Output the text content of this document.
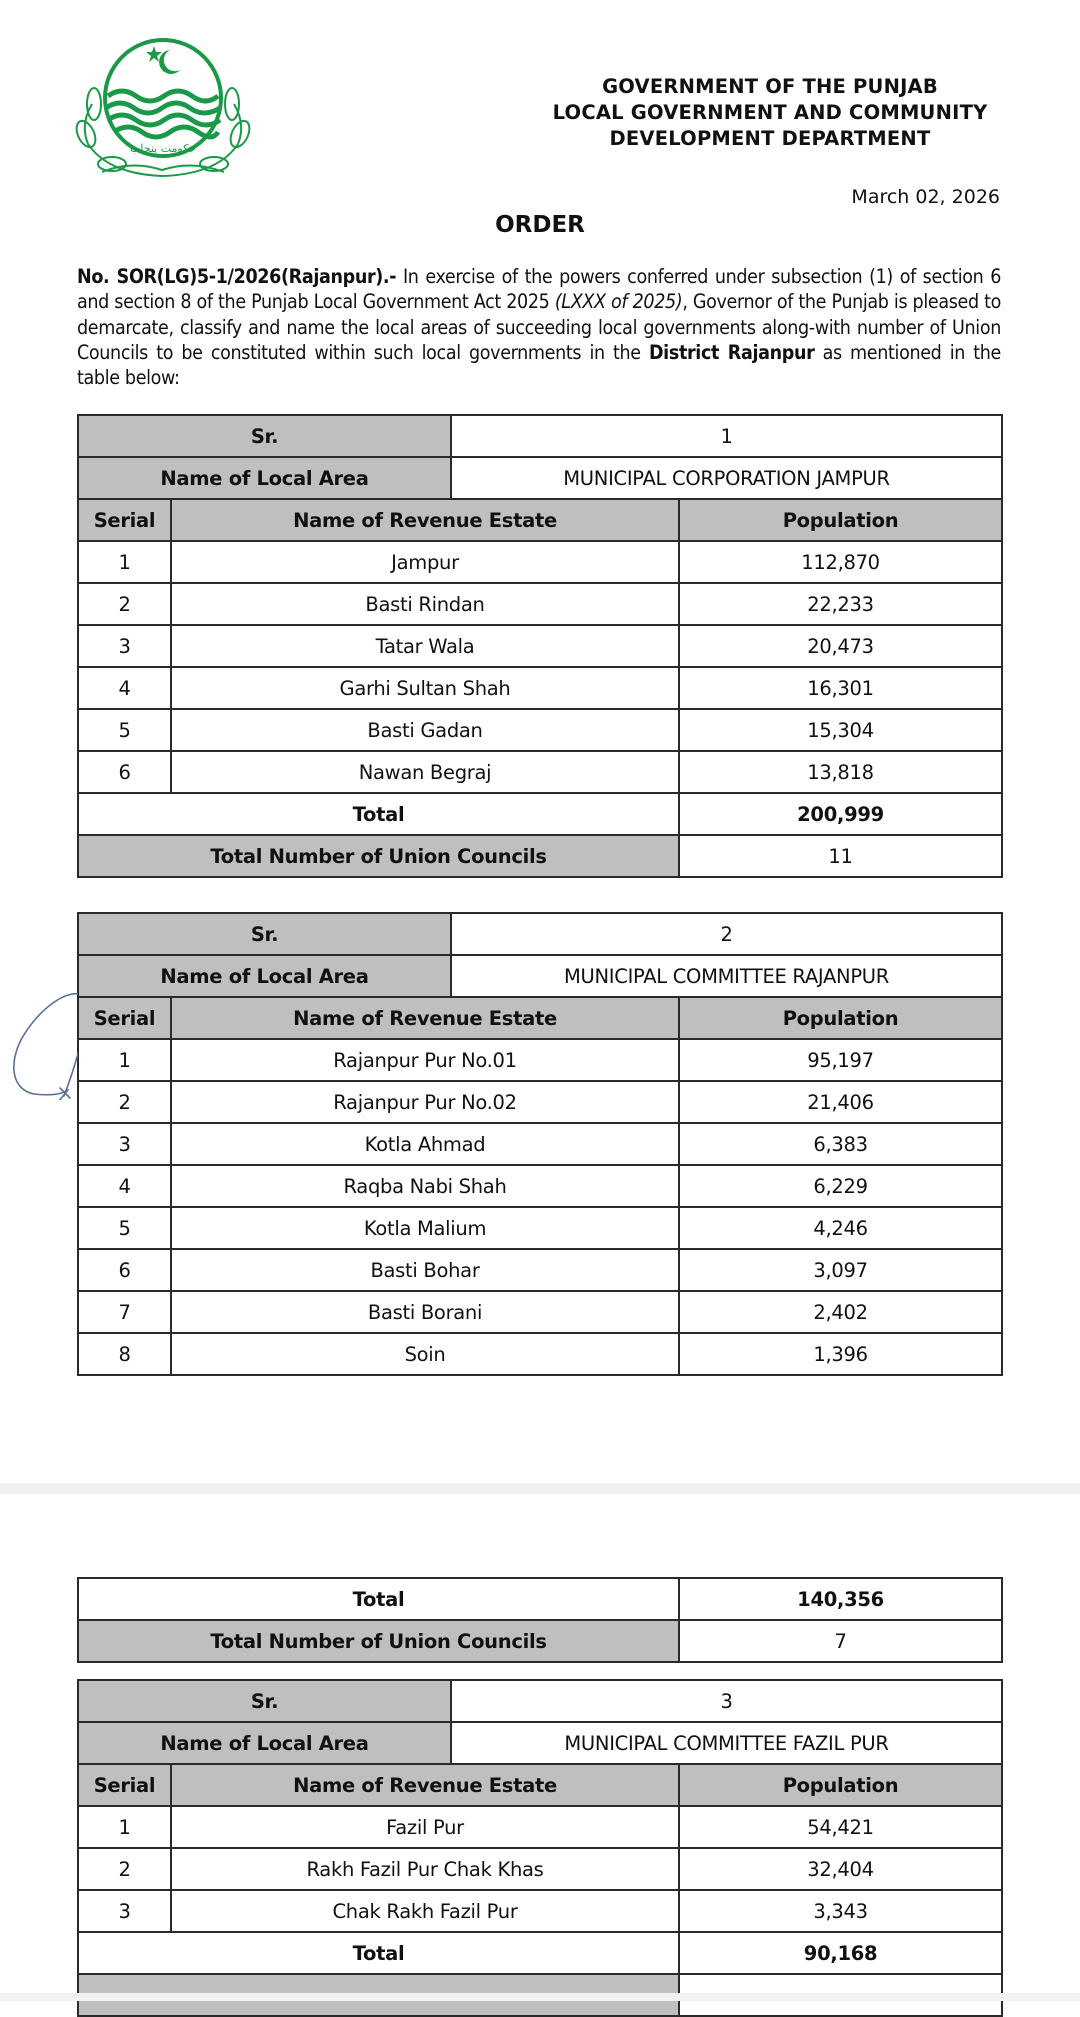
حکومت پنجاب
GOVERNMENT OF THE PUNJAB
LOCAL GOVERNMENT AND COMMUNITY
DEVELOPMENT DEPARTMENT
March 02, 2026
ORDER
No. SOR(LG)5-1/2026(Rajanpur).- In exercise of the powers conferred under subsection (1) of section 6 and section 8 of the Punjab Local Government Act 2025 (LXXX of 2025), Governor of the Punjab is pleased to demarcate, classify and name the local areas of succeeding local governments along-with number of Union Councils to be constituted within such local governments in the District Rajanpur as mentioned in the table below:
Sr.		1	
Name of Local Area		MUNICIPAL CORPORATION JAMPUR	
Serial	Name of Revenue Estate		Population
1	Jampur		112,870
2	Basti Rindan		22,233
3	Tatar Wala		20,473
4	Garhi Sultan Shah		16,301
5	Basti Gadan		15,304
6	Nawan Begraj		13,818
Total			200,999
Total Number of Union Councils			11
Sr.		2	
Name of Local Area		MUNICIPAL COMMITTEE RAJANPUR	
Serial	Name of Revenue Estate		Population
1	Rajanpur Pur No.01		95,197
2	Rajanpur Pur No.02		21,406
3	Kotla Ahmad		6,383
4	Raqba Nabi Shah		6,229
5	Kotla Malium		4,246
6	Basti Bohar		3,097
7	Basti Borani		2,402
8	Soin		1,396
Total	140,356
Total Number of Union Councils	7
Sr.		3	
Name of Local Area		MUNICIPAL COMMITTEE FAZIL PUR	
Serial	Name of Revenue Estate		Population
1	Fazil Pur		54,421
2	Rakh Fazil Pur Chak Khas		32,404
3	Chak Rakh Fazil Pur		3,343
Total			90,168
